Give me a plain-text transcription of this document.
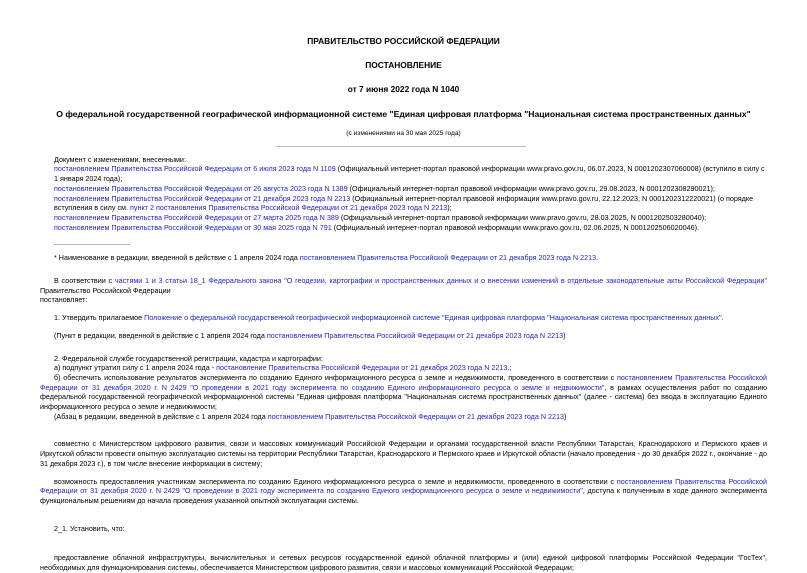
ПРАВИТЕЛЬСТВО РОССИЙСКОЙ ФЕДЕРАЦИИ
ПОСТАНОВЛЕНИЕ
от 7 июня 2022 года N 1040
О федеральной государственной географической информационной системе "Единая цифровая платформа "Национальная система пространственных данных"
(с изменениями на 30 мая 2025 года)

Документ с изменениями, внесенными:

постановлением Правительства Российской Федерации от 6 июля 2023 года N 1109 (Официальный интернет-портал правовой информации www.pravo.gov.ru, 06.07.2023, N 0001202307060008) (вступило в силу с 1 января 2024 года);

постановлением Правительства Российской Федерации от 26 августа 2023 года N 1389 (Официальный интернет-портал правовой информации www.pravo.gov.ru, 29.08.2023, N 0001202308290021);

постановлением Правительства Российской Федерации от 21 декабря 2023 года N 2213 (Официальный интернет-портал правовой информации www.pravo.gov.ru, 22.12.2023, N 0001202312220021) (о порядке вступления в силу см. пункт 2 постановления Правительства Российской Федерации от 21 декабря 2023 года N 2213);

постановлением Правительства Российской Федерации от 27 марта 2025 года N 389 (Официальный интернет-портал правовой информации www.pravo.gov.ru, 28.03.2025, N 0001202503280040);

постановлением Правительства Российской Федерации от 30 мая 2025 года N 791 (Официальный интернет-портал правовой информации www.pravo.gov.ru, 02.06.2025, N 0001202506020046).

* Наименование в редакции, введенной в действие с 1 апреля 2024 года постановлением Правительства Российской Федерации от 21 декабря 2023 года N 2213.

В соответствии с частями 1 и 3 статьи 18_1 Федерального закона "О геодезии, картографии и пространственных данных и о внесении изменений в отдельные законодательные акты Российской Федерации" Правительство Российской Федерации

постановляет:

1. Утвердить прилагаемое Положение о федеральной государственной географической информационной системе "Единая цифровая платформа "Национальная система пространственных данных".

(Пункт в редакции, введенной в действие с 1 апреля 2024 года постановлением Правительства Российской Федерации от 21 декабря 2023 года N 2213)

2. Федеральной службе государственной регистрации, кадастра и картографии:

а) подпункт утратил силу с 1 апреля 2024 года - постановление Правительства Российской Федерации от 21 декабря 2023 года N 2213.;

б) обеспечить использование результатов эксперимента по созданию Единого информационного ресурса о земле и недвижимости, проведенного в соответствии с постановлением Правительства Российской Федерации от 31 декабря 2020 г. N 2429 "О проведении в 2021 году эксперимента по созданию Единого информационного ресурса о земле и недвижимости", в рамках осуществления работ по созданию федеральной государственной географической информационной системы "Единая цифровая платформа "Национальная система пространственных данных" (далее - система) без ввода в эксплуатацию Единого информационного ресурса о земле и недвижимости;

(Абзац в редакции, введенной в действие с 1 апреля 2024 года постановлением Правительства Российской Федерации от 21 декабря 2023 года N 2213)

совместно с Министерством цифрового развития, связи и массовых коммуникаций Российской Федерации и органами государственной власти Республики Татарстан, Краснодарского и Пермского краев и Иркутской области провести опытную эксплуатацию системы на территории Республики Татарстан, Краснодарского и Пермского краев и Иркутской области (начало проведения - до 30 декабря 2022 г., окончание - до 31 декабря 2023 г.), в том числе внесение информации в систему;

возможность предоставления участникам эксперимента по созданию Единого информационного ресурса о земле и недвижимости, проведенного в соответствии с постановлением Правительства Российской Федерации от 31 декабря 2020 г. N 2429 "О проведении в 2021 году эксперимента по созданию Единого информационного ресурса о земле и недвижимости", доступа к полученным в ходе данного эксперимента функциональным решениям до начала проведения указанной опытной эксплуатации системы.

2_1. Установить, что:

предоставление облачной инфраструктуры, вычислительных и сетевых ресурсов государственной единой облачной платформы и (или) единой цифровой платформы Российской Федерации "ГосТех", необходимых для функционирования системы, обеспечивается Министерством цифрового развития, связи и массовых коммуникаций Российской Федерации;
